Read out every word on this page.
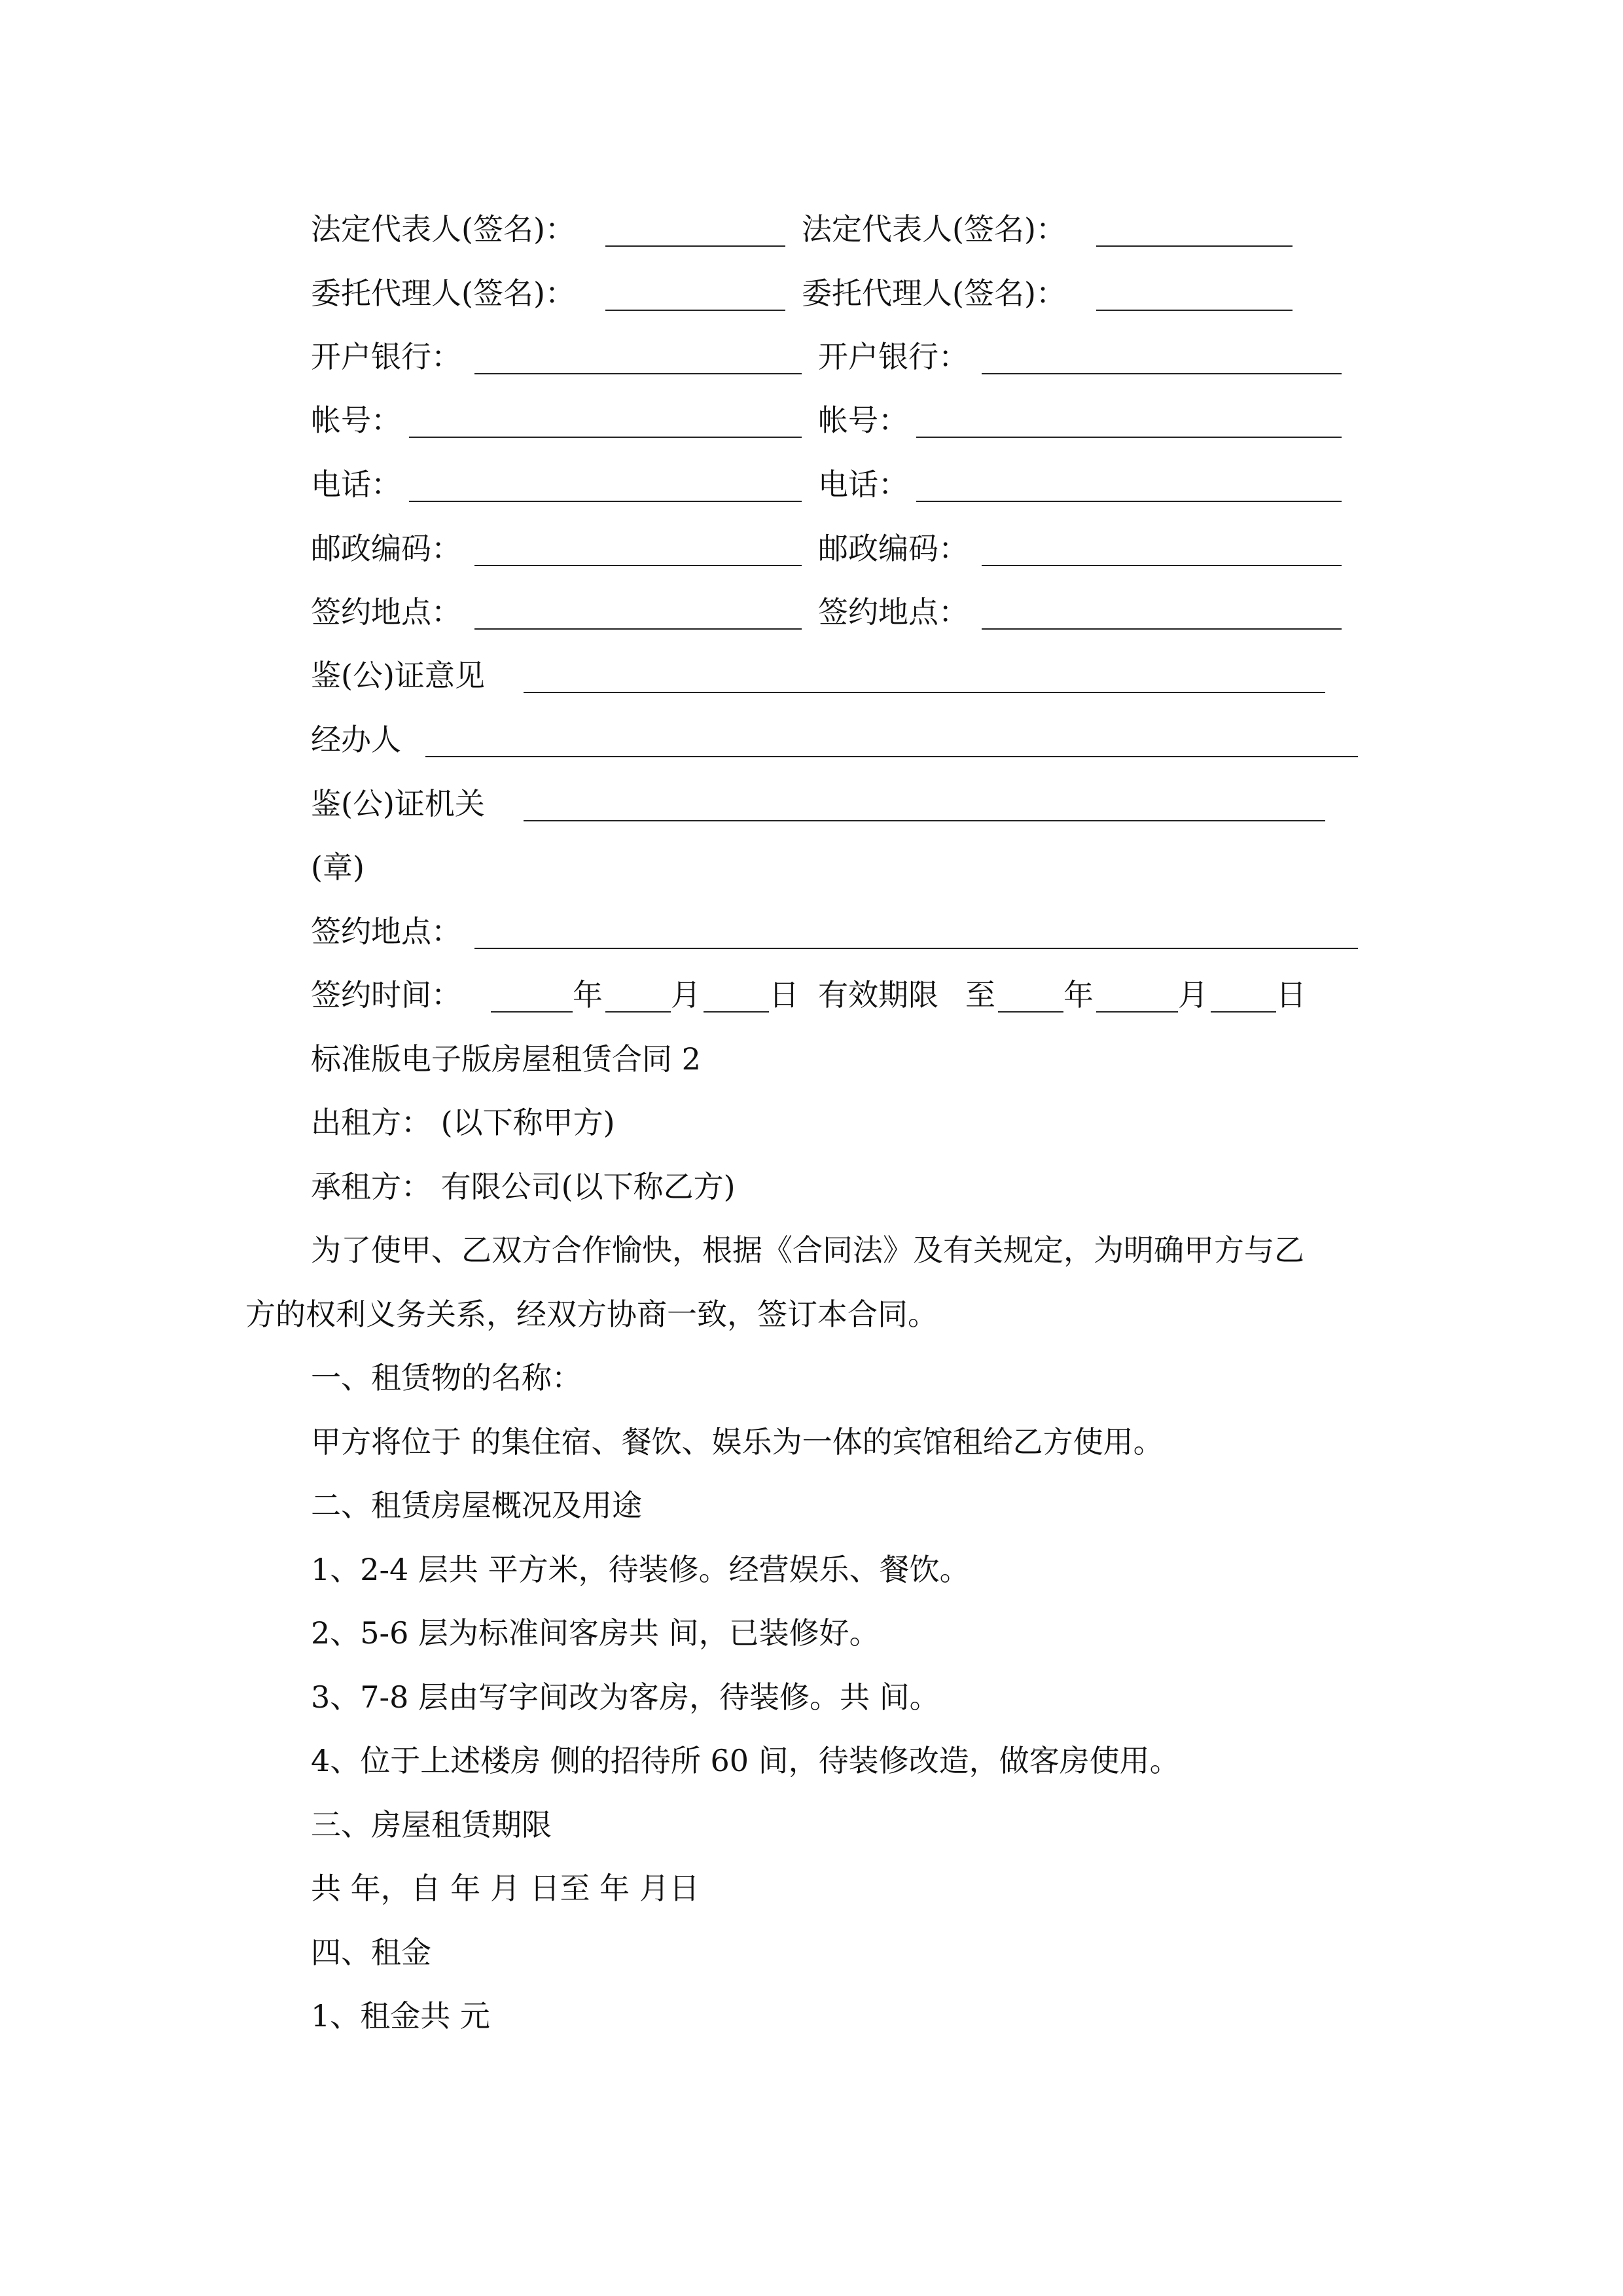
法定代表人(签名)：	法定代表人(签名)：
委托代理人(签名)：	委托代理人(签名)：
开户银行：	开户银行：
帐号：	帐号：
电话：	电话：
邮政编码：	邮政编码：
签约地点：	签约地点：
鉴(公)证意见
经办人
鉴(公)证机关
(章)
签约地点：
签约时间：	年 月 日 有效期限 至 年	月 日
标准版电子版房屋租赁合同 2
出租方： (以下称甲方)
承租方： 有限公司(以下称乙方)
为了使甲、乙双方合作愉快，根据《合同法》及有关规定，为明确甲方与乙
方的权利义务关系，经双方协商一致，签订本合同。
一、租赁物的名称：
甲方将位于 的集住宿、餐饮、娱乐为一体的宾馆租给乙方使用。
二、租赁房屋概况及用途
1、2-4 层共 平方米，待装修。经营娱乐、餐饮。
2、5-6 层为标准间客房共 间，已装修好。
3、7-8 层由写字间改为客房，待装修。共 间。
4、位于上述楼房 侧的招待所 60 间，待装修改造，做客房使用。
三、房屋租赁期限
共 年，自 年 月 日至 年 月日
四、租金
1、租金共 元
